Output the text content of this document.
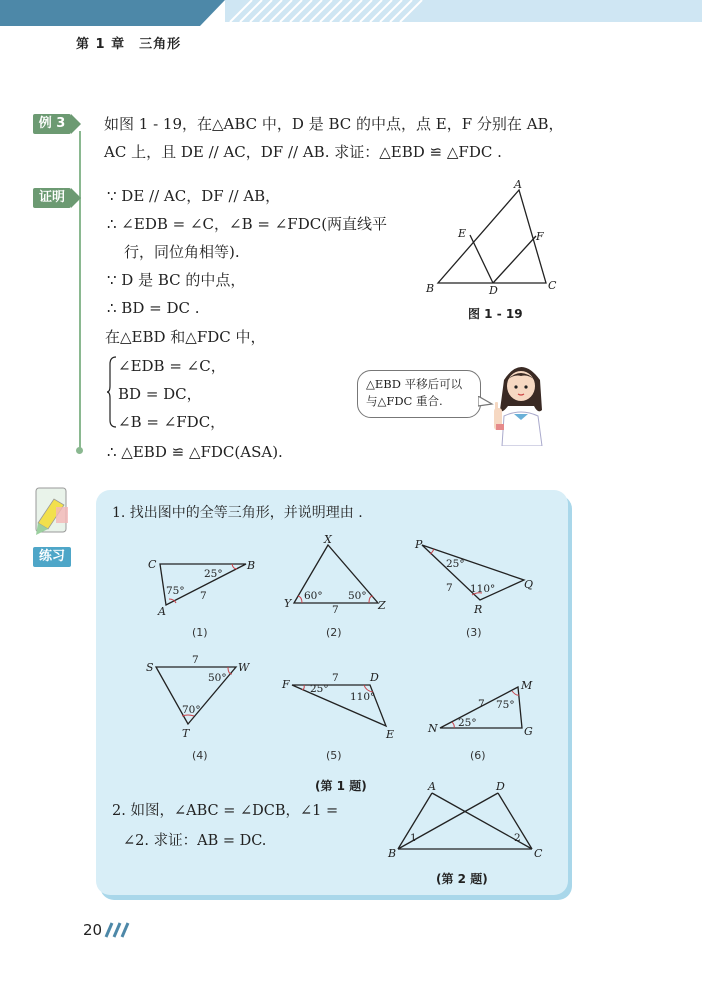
第 1 章　三角形
例 3	如图 1 - 19，在△ABC 中，D 是 BC 的中点，点 E，F 分别在 AB，
AC 上，且 DE // AC，DF // AB. 求证：△EBD ≌ △FDC .
证明	∵ DE // AC，DF // AB，
∴ ∠EDB = ∠C，∠B = ∠FDC(两直线平
行，同位角相等).
∵ D 是 BC 的中点，
∴ BD = DC .
在△EBD 和△FDC 中，
∠EDB = ∠C，
BD = DC，
∠B = ∠FDC，
∴ △EBD ≌ △FDC(ASA).
A
B	C
D
E	F
图 1 - 19
△EBD 平移后可以
与△FDC 重合.
练习
1. 找出图中的全等三角形，并说明理由 .
C	B
A
25°
75° 7
(1)
X
Y	Z
60° 50°
7
(2)
P
Q
R
25°
110°
7
(3)
S	W
T
50°
70°
7
(4)
F
D
E
25°
110°
7
(5)
M
N	G
75°
25°
7
(6)
(第 1 题)
2. 如图，∠ABC = ∠DCB，∠1 =
∠2. 求证：AB = DC.
A	D
B	C
1	2
(第 2 题)
20
